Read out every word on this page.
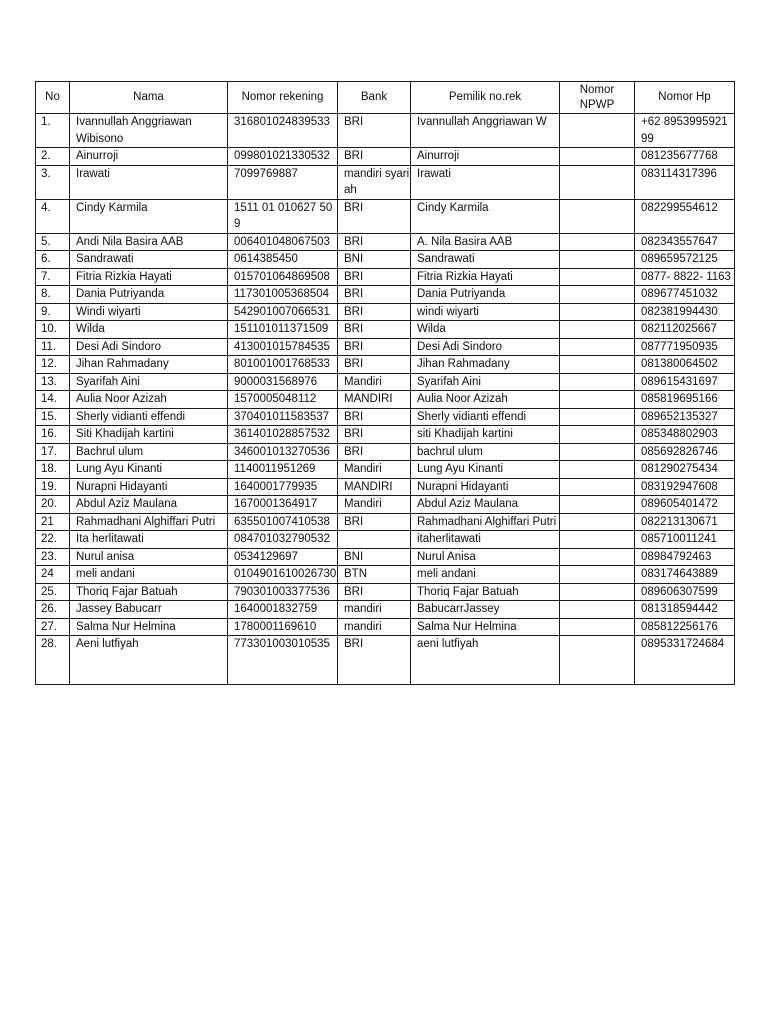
No	Nama	Nomor rekening	Bank	Pemilik no.rek	Nomor NPWP	Nomor Hp
1.	Ivannullah Anggriawan Wibisono	316801024839533	BRI	Ivannullah Anggriawan W		+62 895399592199
2.	Ainurroji	099801021330532	BRI	Ainurroji		081235677768
3.	Irawati	7099769887	mandiri syariah	Irawati		083114317396
4.	Cindy Karmila	1511 01 010627 50 9	BRI	Cindy Karmila		082299554612
5.	Andi Nila Basira AAB	006401048067503	BRI	A. Nila Basira AAB		082343557647
6.	Sandrawati	0614385450	BNI	Sandrawati		089659572125
7.	Fitria Rizkia Hayati	015701064869508	BRI	Fitria Rizkia Hayati		0877- 8822- 1163
8.	Dania Putriyanda	117301005368504	BRI	Dania Putriyanda		089677451032
9.	Windi wiyarti	542901007066531	BRI	windi wiyarti		082381994430
10.	Wilda	151101011371509	BRI	Wilda		082112025667
11.	Desi Adi Sindoro	413001015784535	BRI	Desi Adi Sindoro		087771950935
12.	Jihan Rahmadany	801001001768533	BRI	Jihan Rahmadany		081380064502
13.	Syarifah Aini	9000031568976	Mandiri	Syarifah Aini		089615431697
14.	Aulia Noor Azizah	1570005048112	MANDIRI	Aulia Noor Azizah		085819695166
15.	Sherly vidianti effendi	370401011583537	BRI	Sherly vidianti effendi		089652135327
16.	Siti Khadijah kartini	361401028857532	BRI	siti Khadijah kartini		085348802903
17.	Bachrul ulum	346001013270536	BRI	bachrul ulum		085692826746
18.	Lung Ayu Kinanti	1140011951269	Mandiri	Lung Ayu Kinanti		081290275434
19.	Nurapni Hidayanti	1640001779935	MANDIRI	Nurapni Hidayanti		083192947608
20.	Abdul Aziz Maulana	1670001364917	Mandiri	Abdul Aziz Maulana		089605401472
21	Rahmadhani Alghiffari Putri	635501007410538	BRI	Rahmadhani Alghiffari Putri		082213130671
22.	Ita herlitawati	084701032790532		itaherlitawati		085710011241
23.	Nurul anisa	0534129697	BNI	Nurul Anisa		08984792463
24	meli andani	0104901610026730	BTN	meli andani		083174643889
25.	Thoriq Fajar Batuah	790301003377536	BRI	Thoriq Fajar Batuah		089606307599
26.	Jassey Babucarr	1640001832759	mandiri	BabucarrJassey		081318594442
27.	Salma Nur Helmina	1780001169610	mandiri	Salma Nur Helmina		085812256176
28.	Aeni lutfiyah	773301003010535	BRI	aeni lutfiyah		0895331724684
